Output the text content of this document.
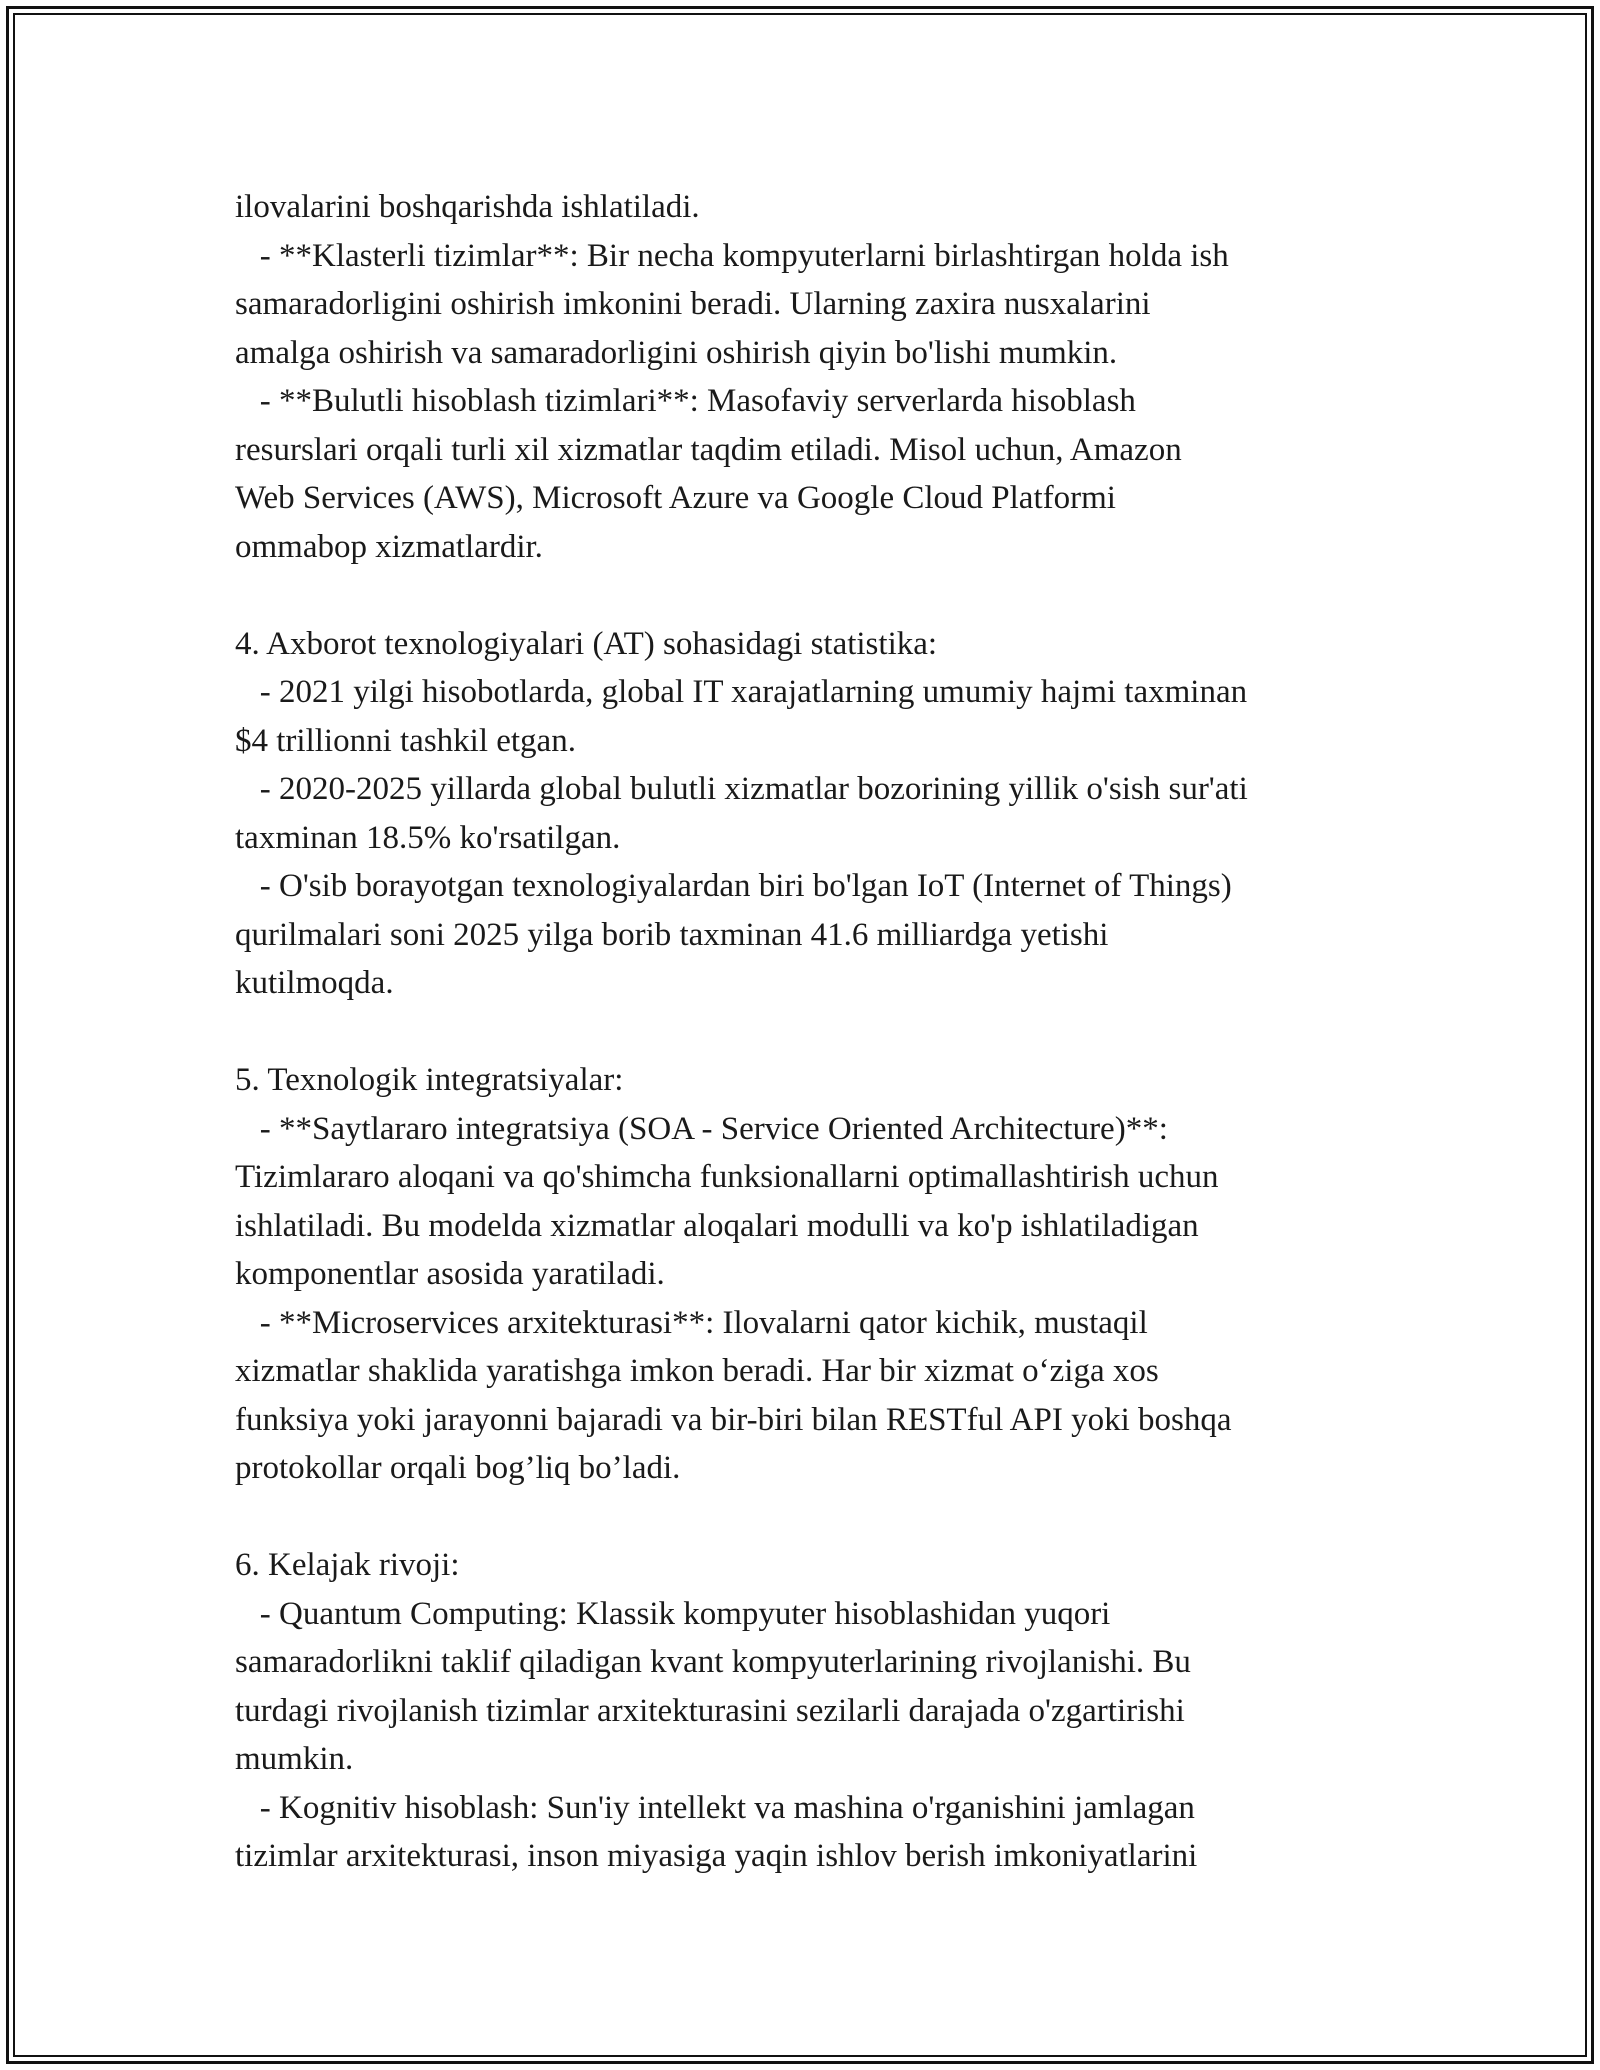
ilovalarini boshqarishda ishlatiladi.
- **Klasterli tizimlar**: Bir necha kompyuterlarni birlashtirgan holda ish
samaradorligini oshirish imkonini beradi. Ularning zaxira nusxalarini
amalga oshirish va samaradorligini oshirish qiyin bo'lishi mumkin.
- **Bulutli hisoblash tizimlari**: Masofaviy serverlarda hisoblash
resurslari orqali turli xil xizmatlar taqdim etiladi. Misol uchun, Amazon
Web Services (AWS), Microsoft Azure va Google Cloud Platformi
ommabop xizmatlardir.
4. Axborot texnologiyalari (AT) sohasidagi statistika:
- 2021 yilgi hisobotlarda, global IT xarajatlarning umumiy hajmi taxminan
$4 trillionni tashkil etgan.
- 2020-2025 yillarda global bulutli xizmatlar bozorining yillik o'sish sur'ati
taxminan 18.5% ko'rsatilgan.
- O'sib borayotgan texnologiyalardan biri bo'lgan IoT (Internet of Things)
qurilmalari soni 2025 yilga borib taxminan 41.6 milliardga yetishi
kutilmoqda.
5. Texnologik integratsiyalar:
- **Saytlararo integratsiya (SOA - Service Oriented Architecture)**:
Tizimlararo aloqani va qo'shimcha funksionallarni optimallashtirish uchun
ishlatiladi. Bu modelda xizmatlar aloqalari modulli va ko'p ishlatiladigan
komponentlar asosida yaratiladi.
- **Microservices arxitekturasi**: Ilovalarni qator kichik, mustaqil
xizmatlar shaklida yaratishga imkon beradi. Har bir xizmat o‘ziga xos
funksiya yoki jarayonni bajaradi va bir-biri bilan RESTful API yoki boshqa
protokollar orqali bog’liq bo’ladi.
6. Kelajak rivoji:
- Quantum Computing: Klassik kompyuter hisoblashidan yuqori
samaradorlikni taklif qiladigan kvant kompyuterlarining rivojlanishi. Bu
turdagi rivojlanish tizimlar arxitekturasini sezilarli darajada o'zgartirishi
mumkin.
- Kognitiv hisoblash: Sun'iy intellekt va mashina o'rganishini jamlagan
tizimlar arxitekturasi, inson miyasiga yaqin ishlov berish imkoniyatlarini
